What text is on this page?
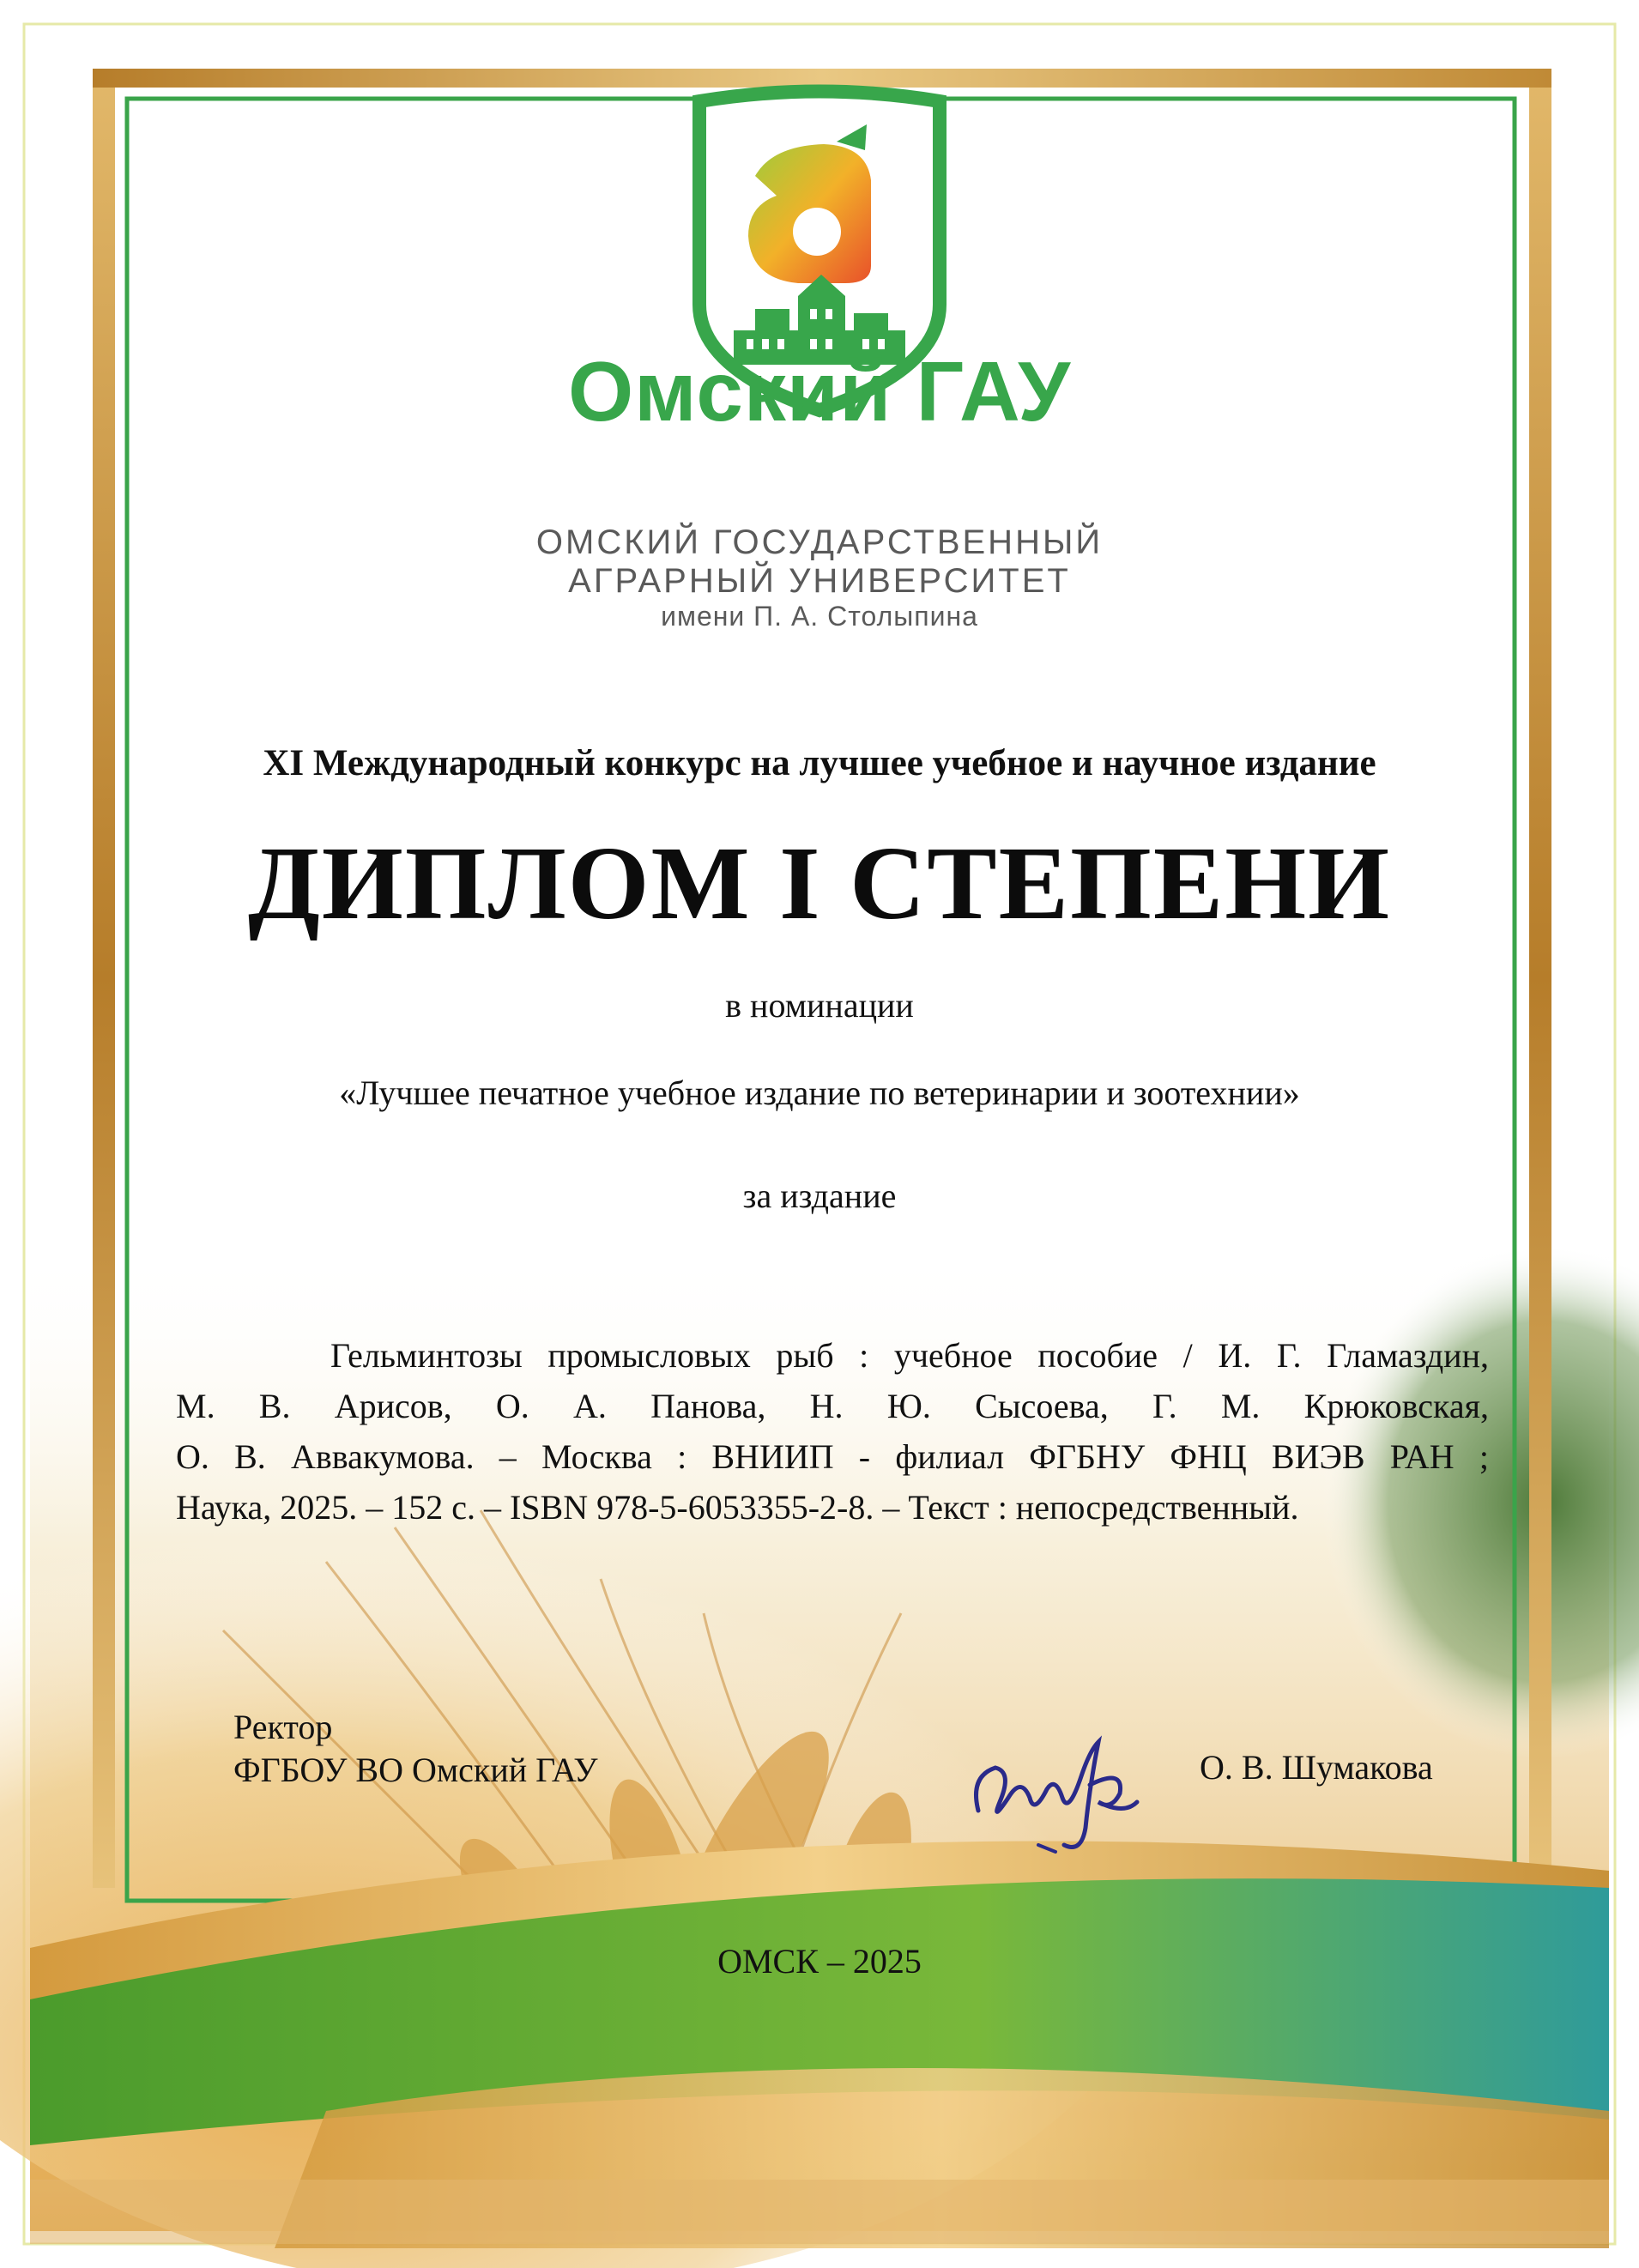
Омский ГАУ
ОМСКИЙ ГОСУДАРСТВЕННЫЙ
АГРАРНЫЙ УНИВЕРСИТЕТ
имени П. А. Столыпина
XI Международный конкурс на лучшее учебное и научное издание
ДИПЛОМ I СТЕПЕНИ
в номинации
«Лучшее печатное учебное издание по ветеринарии и зоотехнии»
за издание
Гельминтозы промысловых рыб : учебное пособие / И. Г. Гламаздин,
М. В. Арисов, О. А. Панова, Н. Ю. Сысоева, Г. М. Крюковская,
О. В. Аввакумова. – Москва : ВНИИП - филиал ФГБНУ ФНЦ ВИЭВ РАН ;
Наука, 2025. – 152 с. – ISBN 978-5-6053355-2-8. – Текст : непосредственный.
Ректор
ФГБОУ ВО Омский ГАУ	О. В. Шумакова
ОМСК – 2025
